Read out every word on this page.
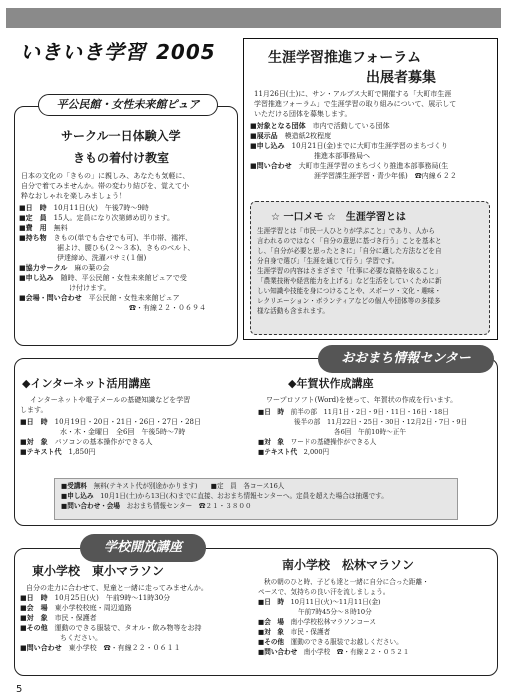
いきいき学習 2005	生涯学習推進フォーラム
出展者募集

11月26日(土)に、サン・アルプス大町で開催する「大町市生涯

学習推進フォーラム」で生涯学習の取り組みについて、展示して

いただける団体を募集します。

■対象となる団体　 市内で活動している団体

■展示品　 模造紙2枚程度

■申し込み　 10月21日(金)までに大町市生涯学習のまちづくり

推進本部事務局へ

■問い合わせ　 大町市生涯学習のまちづくり推進本部事務局(生

涯学習課生涯学習・青少年係)　☎内線６２２

☆ 一口メモ ☆　生涯学習とは

生涯学習とは「市民一人ひとりが学ぶこと」であり、人から

言われるのではなく「自分の意思に基づき行う」ことを基本と

し、「自分が必要と思ったときに」「自分に適した方法などを自

分自身で選び」「生涯を通じて行う」学習です。

生涯学習の内容はさまざまで「仕事に必要な資格を取ること」

「農業技術や経営能力を上げる」など生活をしていくために新

しい知識や技能を身につけることや、スポーツ・文化・趣味・

レクリエーション・ボランティアなどの個人や団体等の多様多

様な活動も含まれます。

サークル一日体験入学
きもの着付け教室

日本の文化の「きもの」に親しみ、あなたも気軽に、

自分で着てみませんか。帯の変わり結びを、覚えて小

粋なおしゃれを楽しみましょう！

■日　時　 10月11日(火)　午後7時～9時

■定　員　 15人。定員になり次第締め切ります。

■費　用　 無料

■持ち物　 きもの(単でも合せでも可)、半巾帯、襦袢、

裾よけ、腰ひも(２～３本)、きものベルト、

伊達締め、洗濯バサミ(１個)

■協力サークル　 麻の葉の会

■申し込み　 随時、平公民館・女性未来館ピュアで受

け付けます。

■会場・問い合わせ　 平公民館・女性未来館ピュア

☎・有線２２・０６９４

平公民館・女性未来館ピュア
おおまち情報センター
◆インターネット活用講座

インターネットや電子メールの基礎知識などを学習

します。

■日　時　 10月19日・20日・21日・26日・27日・28日

水・木・金曜日　全6回　午後5時～7時

■対　象　 パソコンの基本操作ができる人

■テキスト代　 1,850円

◆年賀状作成講座

ワープロソフト(Word)を使って、年賀状の作成を行います。

■日　時　 前半の部　11月1日・2日・9日・11日・16日・18日

後半の部　11月22日・25日・30日・12月2日・7日・9日

各6回　午前10時～正午

■対　象　 ワードの基礎操作ができる人

■テキスト代　 2,000円

■受講料　 無料(テキスト代が別途かかります)　　■定　員　 各コース16人

■申し込み　 10月1日(土)から13日(木)までに直接、おおまち情報センターへ。定員を超えた場合は抽選です。

■問い合わせ・会場　 おおまち情報センター　☎２１・３８００

学校開放講座
東小学校　東小マラソン

自分の走力に合わせて、児童と一緒に走ってみませんか。

■日　時　 10月25日(火)　午前9時～11時30分

■会　場　 東小学校校庭・周辺道路

■対　象　 市民・保護者

■その他　 運動のできる服装で、タオル・飲み物等をお持

ちください。

■問い合わせ　 東小学校　☎・有線２２・０６１１

南小学校　松林マラソン

秋の朝のひと時、子ども達と一緒に自分に合った距離・

ペースで、気持ちの良い汗を流しましょう。

■日　時　 10月11日(火)～11月11日(金)

午前7時45分～８時10分

■会　場　 南小学校松林マラソンコース

■対　象　 市民・保護者

■その他　 運動のできる服装でお越しください。

■問い合わせ　 南小学校　☎・有線２２・０５２１

5
